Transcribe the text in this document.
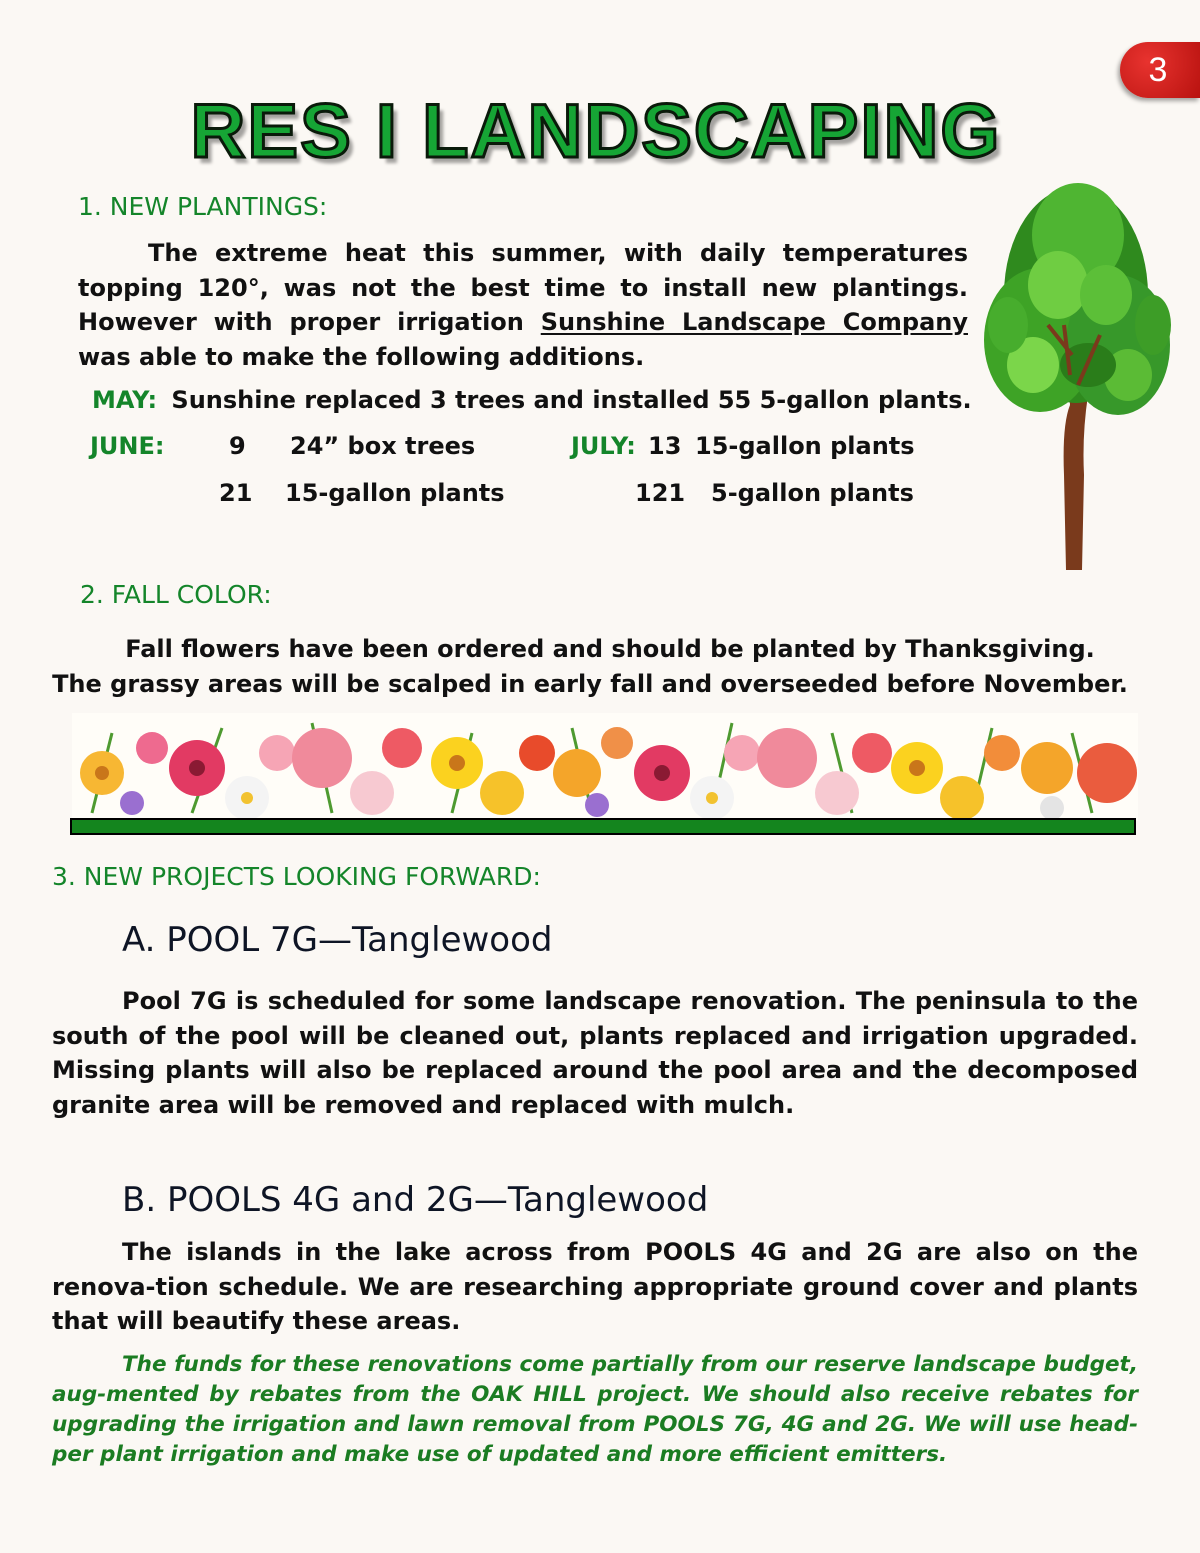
3
RES I LANDSCAPING
1. NEW PLANTINGS:
The extreme heat this summer, with daily temperatures topping 120°, was not the best time to install new plantings. However with proper irrigation Sunshine Landscape Company was able to make the following additions.
MAY: Sunshine replaced 3 trees and installed 55 5-gallon plants.
JUNE:	9 24” box trees
21 15-gallon plants
JULY: 13 15-gallon plants
121 5-gallon plants
2. FALL COLOR:
Fall flowers have been ordered and should be planted by Thanksgiving.
The grassy areas will be scalped in early fall and overseeded before November.
3. NEW PROJECTS LOOKING FORWARD:
A. POOL 7G—Tanglewood
Pool 7G is scheduled for some landscape renovation. The peninsula to the south of the pool will be cleaned out, plants replaced and irrigation upgraded. Missing plants will also be replaced around the pool area and the decomposed granite area will be removed and replaced with mulch.
B. POOLS 4G and 2G—Tanglewood
The islands in the lake across from POOLS 4G and 2G are also on the renova-tion schedule. We are researching appropriate ground cover and plants that will beautify these areas.
The funds for these renovations come partially from our reserve landscape budget, aug-mented by rebates from the OAK HILL project. We should also receive rebates for upgrading the irrigation and lawn removal from POOLS 7G, 4G and 2G. We will use head-per plant irrigation and make use of updated and more efficient emitters.
